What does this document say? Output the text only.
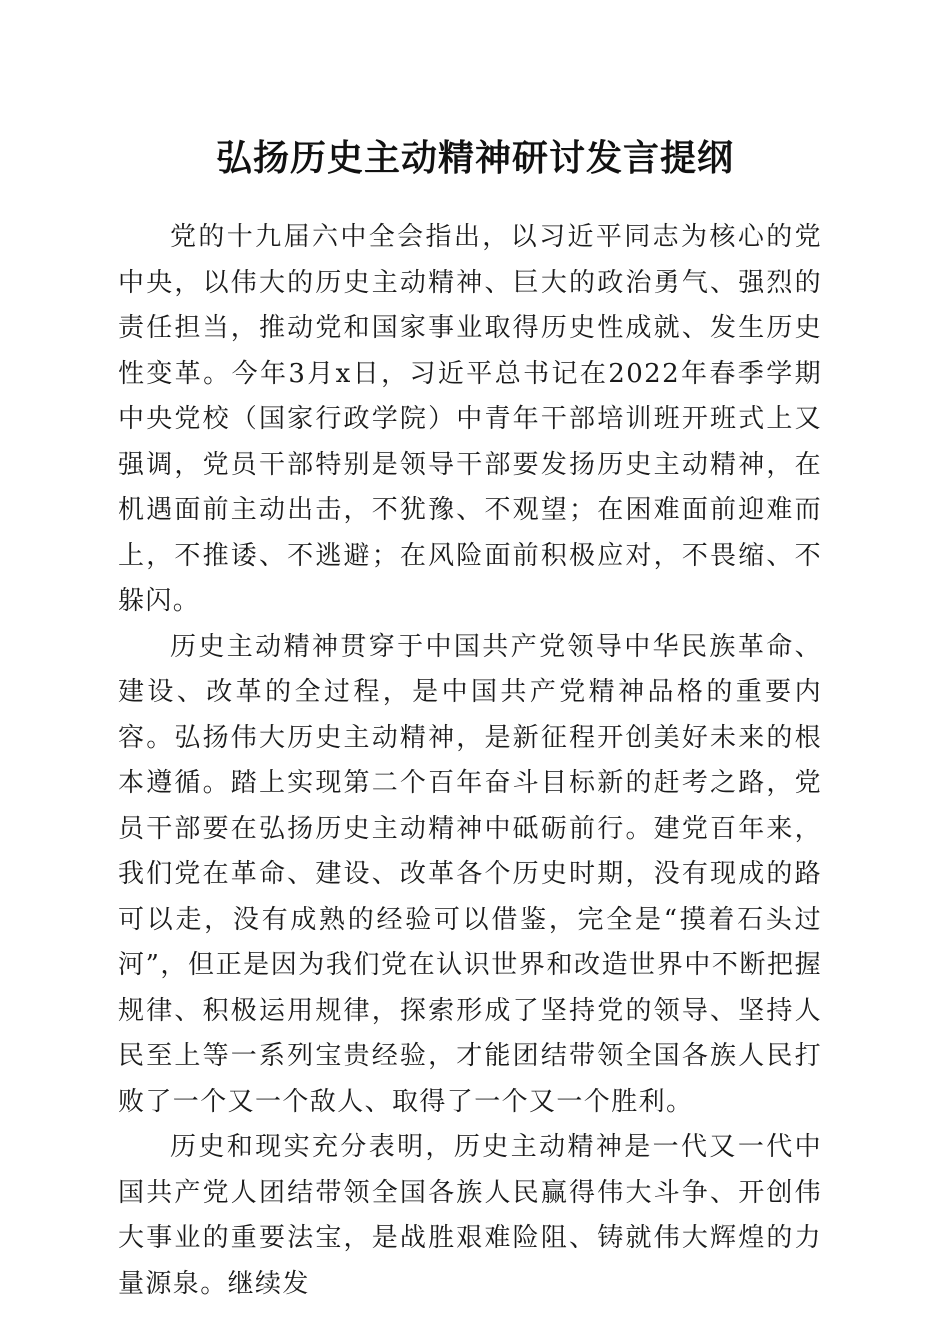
弘扬历史主动精神研讨发言提纲

党的十九届六中全会指出，以习近平同志为核心的党中央，以伟大的历史主动精神、巨大的政治勇气、强烈的责任担当，推动党和国家事业取得历史性成就、发生历史性变革。今年3月x日，习近平总书记在2022年春季学期中央党校（国家行政学院）中青年干部培训班开班式上又强调，党员干部特别是领导干部要发扬历史主动精神，在机遇面前主动出击，不犹豫、不观望；在困难面前迎难而上，不推诿、不逃避；在风险面前积极应对，不畏缩、不躲闪。

历史主动精神贯穿于中国共产党领导中华民族革命、建设、改革的全过程，是中国共产党精神品格的重要内容。弘扬伟大历史主动精神，是新征程开创美好未来的根本遵循。踏上实现第二个百年奋斗目标新的赶考之路，党员干部要在弘扬历史主动精神中砥砺前行。建党百年来，我们党在革命、建设、改革各个历史时期，没有现成的路可以走，没有成熟的经验可以借鉴，完全是“摸着石头过河”，但正是因为我们党在认识世界和改造世界中不断把握规律、积极运用规律，探索形成了坚持党的领导、坚持人民至上等一系列宝贵经验，才能团结带领全国各族人民打败了一个又一个敌人、取得了一个又一个胜利。

历史和现实充分表明，历史主动精神是一代又一代中国共产党人团结带领全国各族人民赢得伟大斗争、开创伟大事业的重要法宝，是战胜艰难险阻、铸就伟大辉煌的力量源泉。继续发
